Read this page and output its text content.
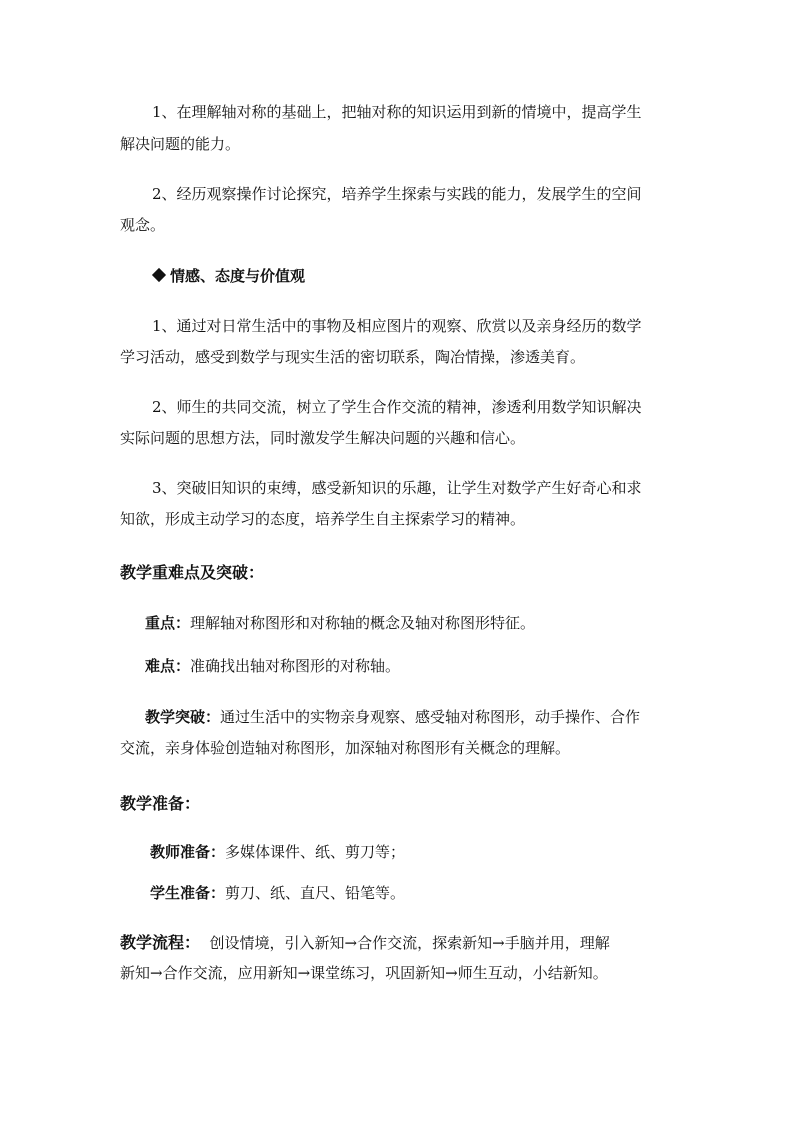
1、在理解轴对称的基础上，把轴对称的知识运用到新的情境中，提高学生
解决问题的能力。
2、经历观察操作讨论探究，培养学生探索与实践的能力，发展学生的空间
观念。
情感、态度与价值观
1、通过对日常生活中的事物及相应图片的观察、欣赏以及亲身经历的数学
学习活动，感受到数学与现实生活的密切联系，陶冶情操，渗透美育。
2、师生的共同交流，树立了学生合作交流的精神，渗透利用数学知识解决
实际问题的思想方法，同时激发学生解决问题的兴趣和信心。
3、突破旧知识的束缚，感受新知识的乐趣，让学生对数学产生好奇心和求
知欲，形成主动学习的态度，培养学生自主探索学习的精神。
教学重难点及突破：
重点：理解轴对称图形和对称轴的概念及轴对称图形特征。
难点：准确找出轴对称图形的对称轴。
教学突破：通过生活中的实物亲身观察、感受轴对称图形，动手操作、合作
交流，亲身体验创造轴对称图形，加深轴对称图形有关概念的理解。
教学准备：
教师准备：多媒体课件、纸、剪刀等；
学生准备：剪刀、纸、直尺、铅笔等。
教学流程：  创设情境，引入新知→合作交流，探索新知→手脑并用，理解
新知→合作交流，应用新知→课堂练习，巩固新知→师生互动，小结新知。
